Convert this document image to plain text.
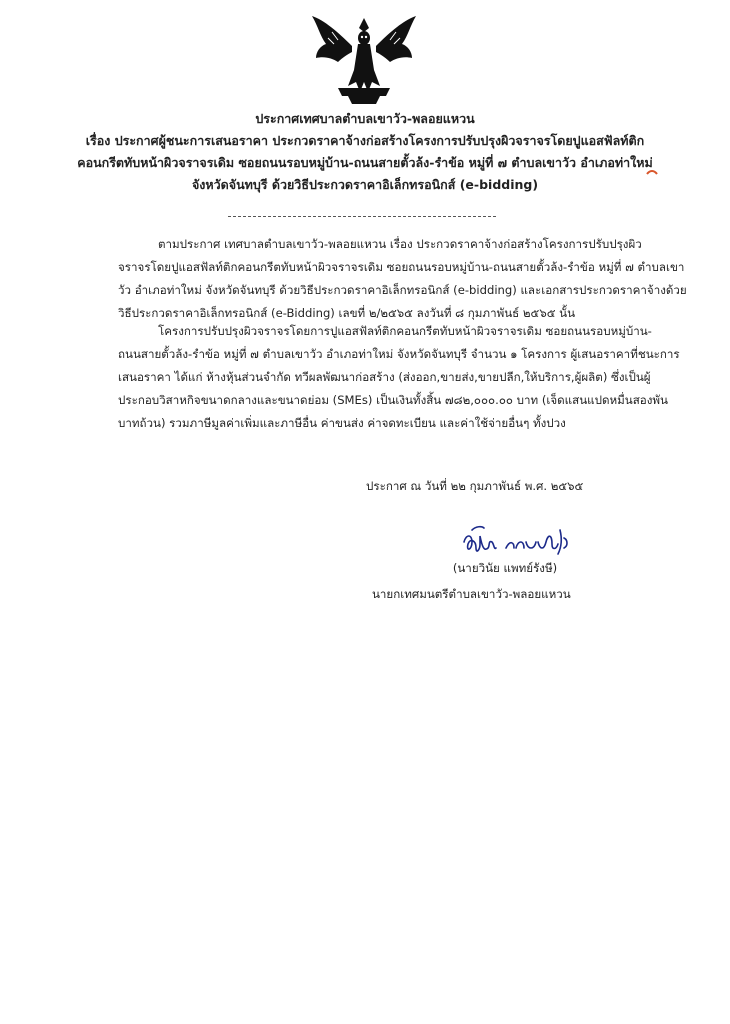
ประกาศเทศบาลตำบลเขาวัว-พลอยแหวน
เรื่อง ประกาศผู้ชนะการเสนอราคา ประกวดราคาจ้างก่อสร้างโครงการปรับปรุงผิวจราจรโดยปูแอสฟัลท์ติก
คอนกรีตทับหน้าผิวจราจรเดิม ซอยถนนรอบหมู่บ้าน-ถนนสายตั้วล้ง-รำข้อ หมู่ที่ ๗ ตำบลเขาวัว อำเภอท่าใหม่
จังหวัดจันทบุรี ด้วยวิธีประกวดราคาอิเล็กทรอนิกส์ (e-bidding)
ตามประกาศ เทศบาลตำบลเขาวัว-พลอยแหวน เรื่อง ประกวดราคาจ้างก่อสร้างโครงการปรับปรุงผิว
จราจรโดยปูแอสฟัลท์ติกคอนกรีตทับหน้าผิวจราจรเดิม ซอยถนนรอบหมู่บ้าน-ถนนสายตั้วล้ง-รำข้อ หมู่ที่ ๗ ตำบลเขา
วัว อำเภอท่าใหม่ จังหวัดจันทบุรี ด้วยวิธีประกวดราคาอิเล็กทรอนิกส์ (e-bidding) และเอกสารประกวดราคาจ้างด้วย
วิธีประกวดราคาอิเล็กทรอนิกส์ (e-Bidding) เลขที่ ๒/๒๕๖๕ ลงวันที่ ๘ กุมภาพันธ์ ๒๕๖๕ นั้น
โครงการปรับปรุงผิวจราจรโดยการปูแอสฟัลท์ติกคอนกรีตทับหน้าผิวจราจรเดิม ซอยถนนรอบหมู่บ้าน-
ถนนสายตั้วล้ง-รำข้อ หมู่ที่ ๗ ตำบลเขาวัว อำเภอท่าใหม่ จังหวัดจันทบุรี จำนวน ๑ โครงการ ผู้เสนอราคาที่ชนะการ
เสนอราคา ได้แก่ ห้างหุ้นส่วนจำกัด ทวีผลพัฒนาก่อสร้าง (ส่งออก,ขายส่ง,ขายปลีก,ให้บริการ,ผู้ผลิต) ซึ่งเป็นผู้
ประกอบวิสาหกิจขนาดกลางและขนาดย่อม (SMEs) เป็นเงินทั้งสิ้น ๗๘๒,๐๐๐.๐๐ บาท (เจ็ดแสนแปดหมื่นสองพัน
บาทถ้วน) รวมภาษีมูลค่าเพิ่มและภาษีอื่น ค่าขนส่ง ค่าจดทะเบียน และค่าใช้จ่ายอื่นๆ ทั้งปวง
ประกาศ ณ วันที่ ๒๒ กุมภาพันธ์ พ.ศ. ๒๕๖๕
(นายวินัย แพทย์รังษี)
นายกเทศมนตรีตำบลเขาวัว-พลอยแหวน
